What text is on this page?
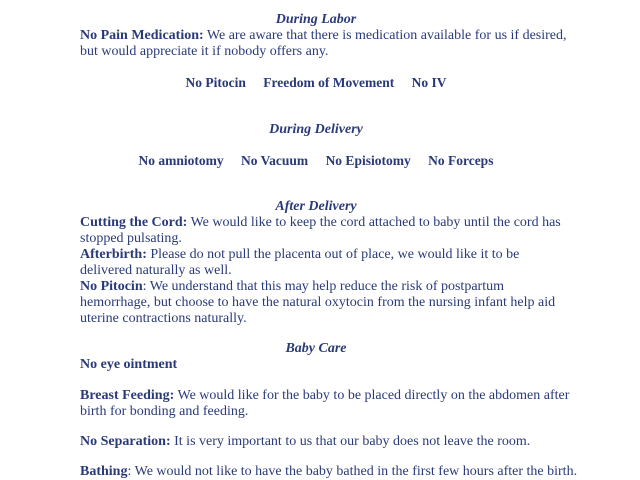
During Labor
No Pain Medication: We are aware that there is medication available for us if desired, but would appreciate it if nobody offers any.
No Pitocin Freedom of Movement No IV
During Delivery
No amniotomy No Vacuum No Episiotomy No Forceps
After Delivery
Cutting the Cord: We would like to keep the cord attached to baby until the cord has stopped pulsating.
Afterbirth: Please do not pull the placenta out of place, we would like it to be delivered naturally as well.
No Pitocin: We understand that this may help reduce the risk of postpartum hemorrhage, but choose to have the natural oxytocin from the nursing infant help aid uterine contractions naturally.
Baby Care
No eye ointment
Breast Feeding: We would like for the baby to be placed directly on the abdomen after birth for bonding and feeding.
No Separation: It is very important to us that our baby does not leave the room.
Bathing: We would not like to have the baby bathed in the first few hours after the birth.
